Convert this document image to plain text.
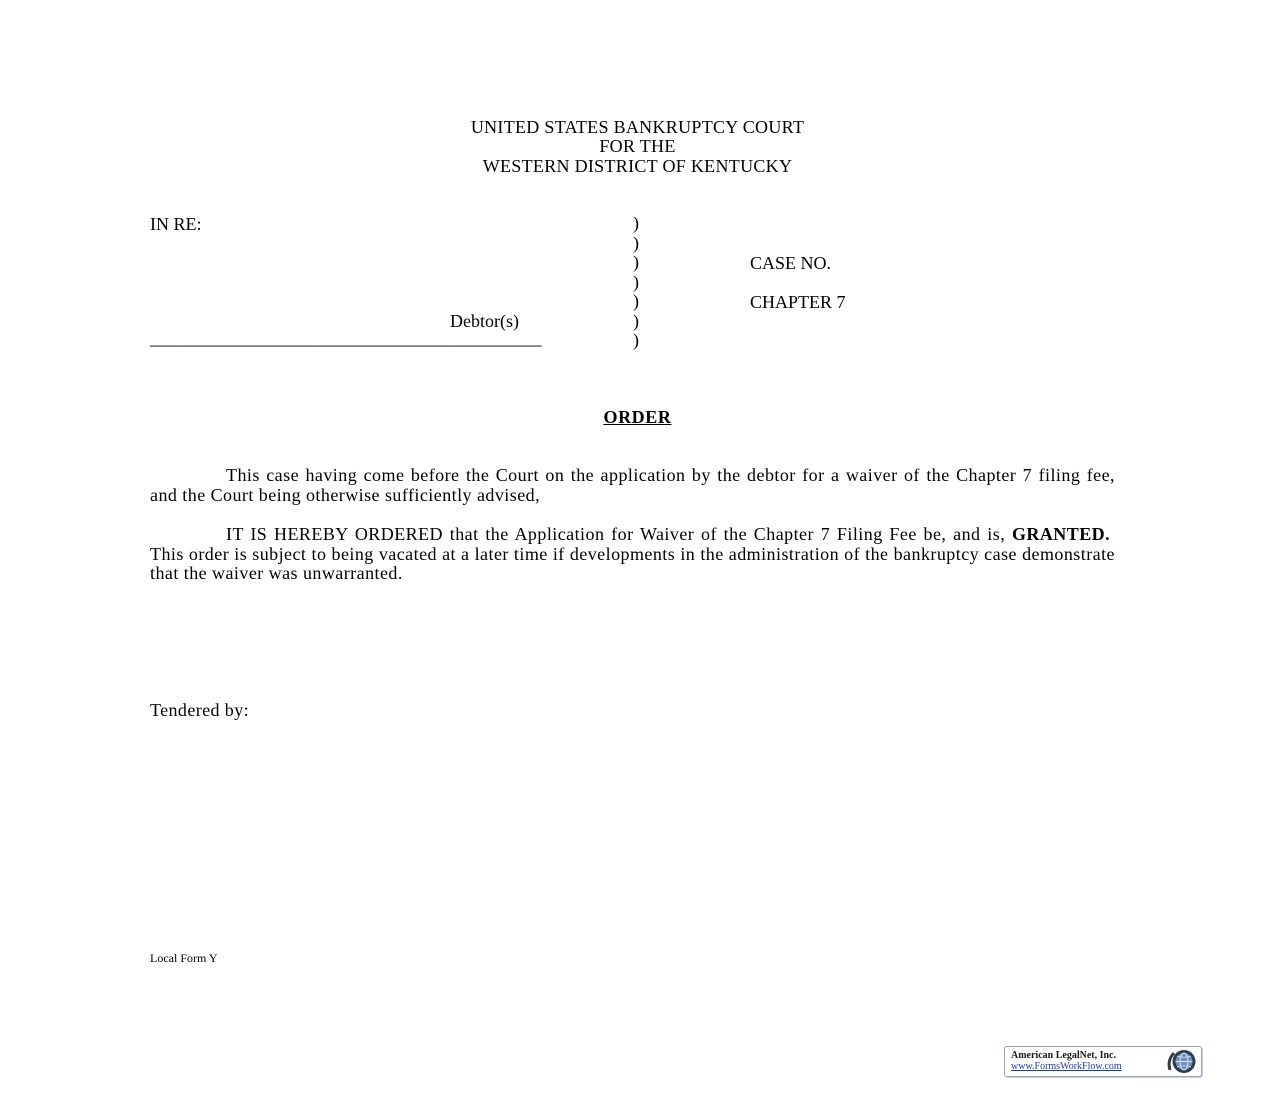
UNITED STATES BANKRUPTCY COURT
FOR THE
WESTERN DISTRICT OF KENTUCKY
IN RE:
Debtor(s)
______________________________________________
)
)
)
)
)
)
)
CASE NO.
CHAPTER 7
ORDER
This case having come before the Court on the application by the debtor for a waiver of the Chapter 7 filing fee, and the Court being otherwise sufficiently advised,
IT IS HEREBY ORDERED that the Application for Waiver of the Chapter 7 Filing Fee be, and is, GRANTED.  This order is subject to being vacated at a later time if developments in the administration of the bankruptcy case demonstrate that the waiver was unwarranted.
Tendered by:
Local Form Y
American LegalNet, Inc.
www.FormsWorkFlow.com
